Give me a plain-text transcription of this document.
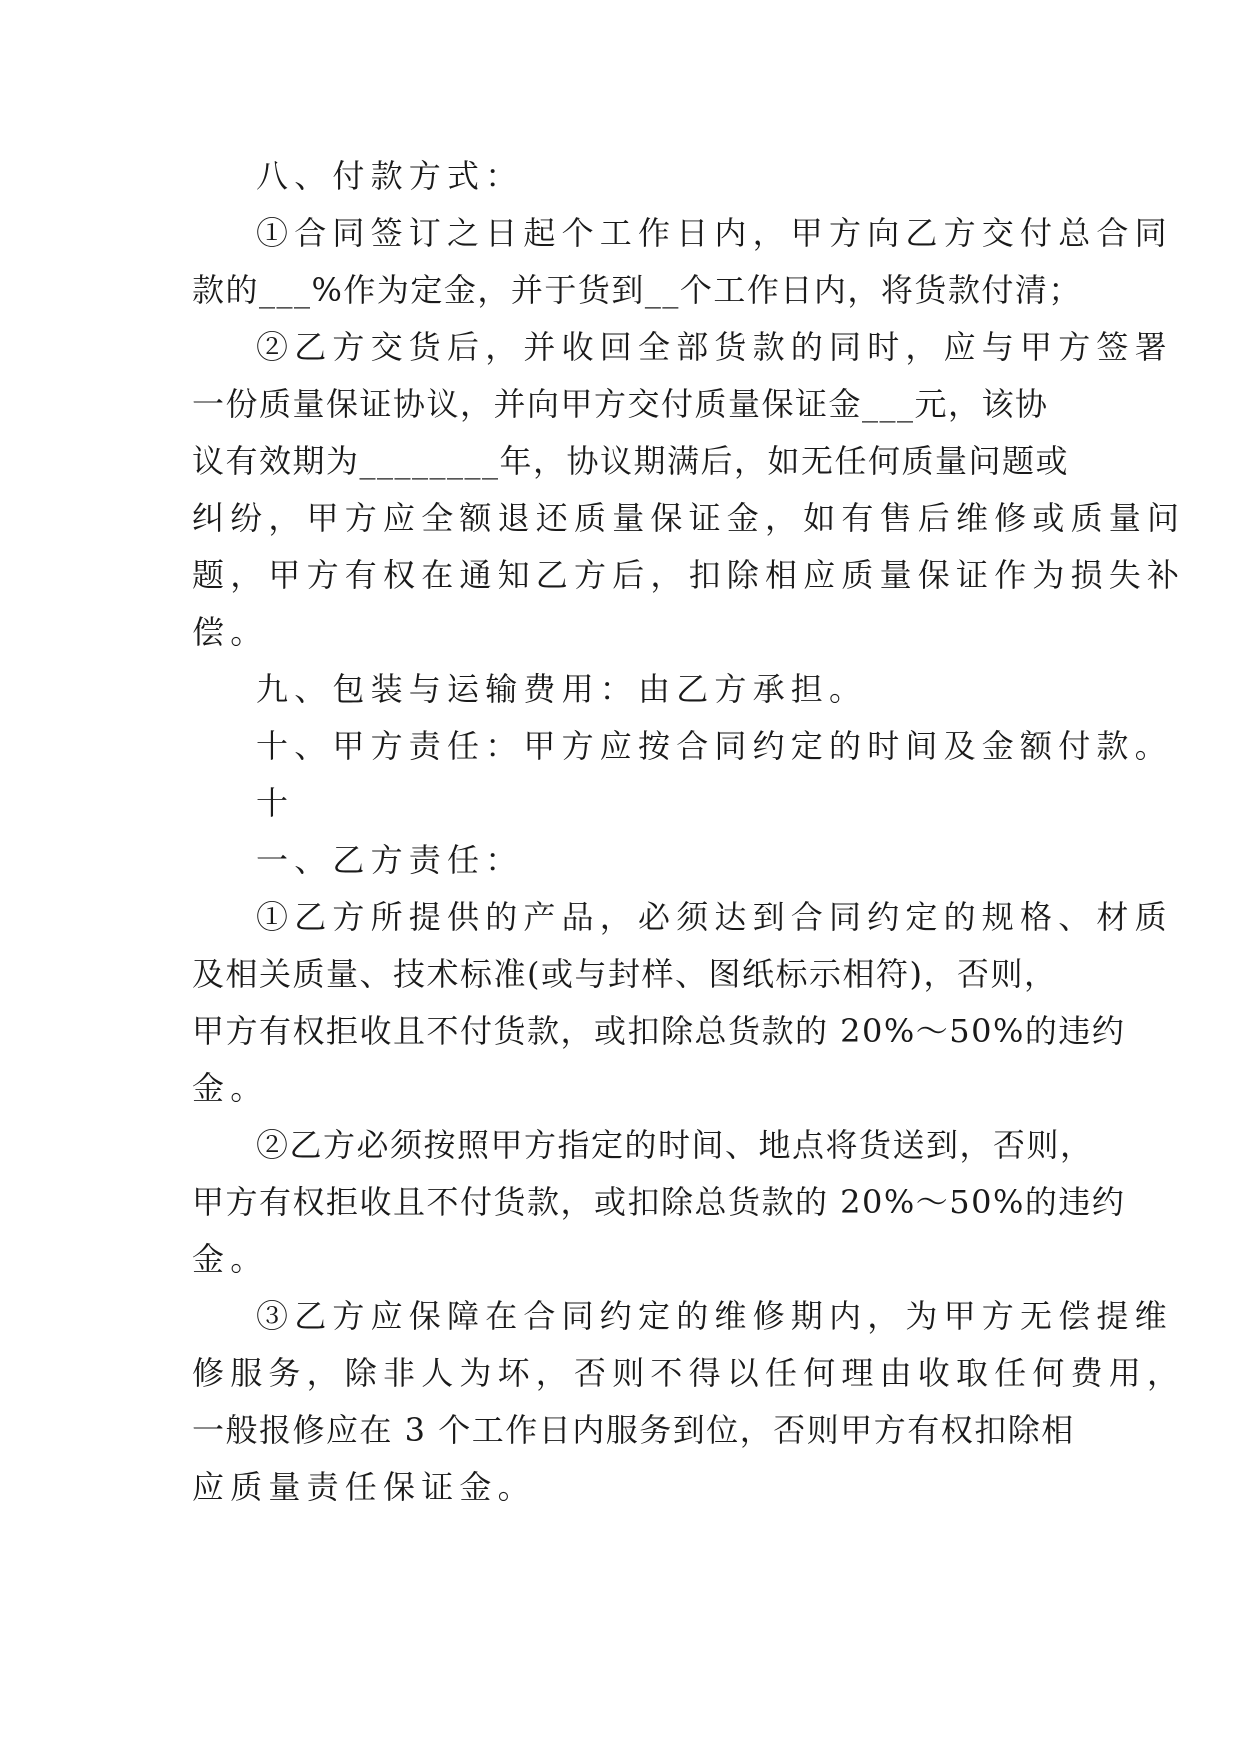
八、付款方式：
①合同签订之日起个工作日内，甲方向乙方交付总合同
款的___%作为定金，并于货到__个工作日内，将货款付清；
②乙方交货后，并收回全部货款的同时，应与甲方签署
一份质量保证协议，并向甲方交付质量保证金___元，该协
议有效期为________年，协议期满后，如无任何质量问题或
纠纷，甲方应全额退还质量保证金，如有售后维修或质量问
题，甲方有权在通知乙方后，扣除相应质量保证作为损失补
偿。
九、包装与运输费用：由乙方承担。
十、甲方责任：甲方应按合同约定的时间及金额付款。
十
一、乙方责任：
①乙方所提供的产品，必须达到合同约定的规格、材质
及相关质量、技术标准(或与封样、图纸标示相符)，否则，
甲方有权拒收且不付货款，或扣除总货款的 20%～50%的违约
金。
②乙方必须按照甲方指定的时间、地点将货送到，否则，
甲方有权拒收且不付货款，或扣除总货款的 20%～50%的违约
金。
③乙方应保障在合同约定的维修期内，为甲方无偿提维
修服务，除非人为坏，否则不得以任何理由收取任何费用，
一般报修应在 3 个工作日内服务到位，否则甲方有权扣除相
应质量责任保证金。
